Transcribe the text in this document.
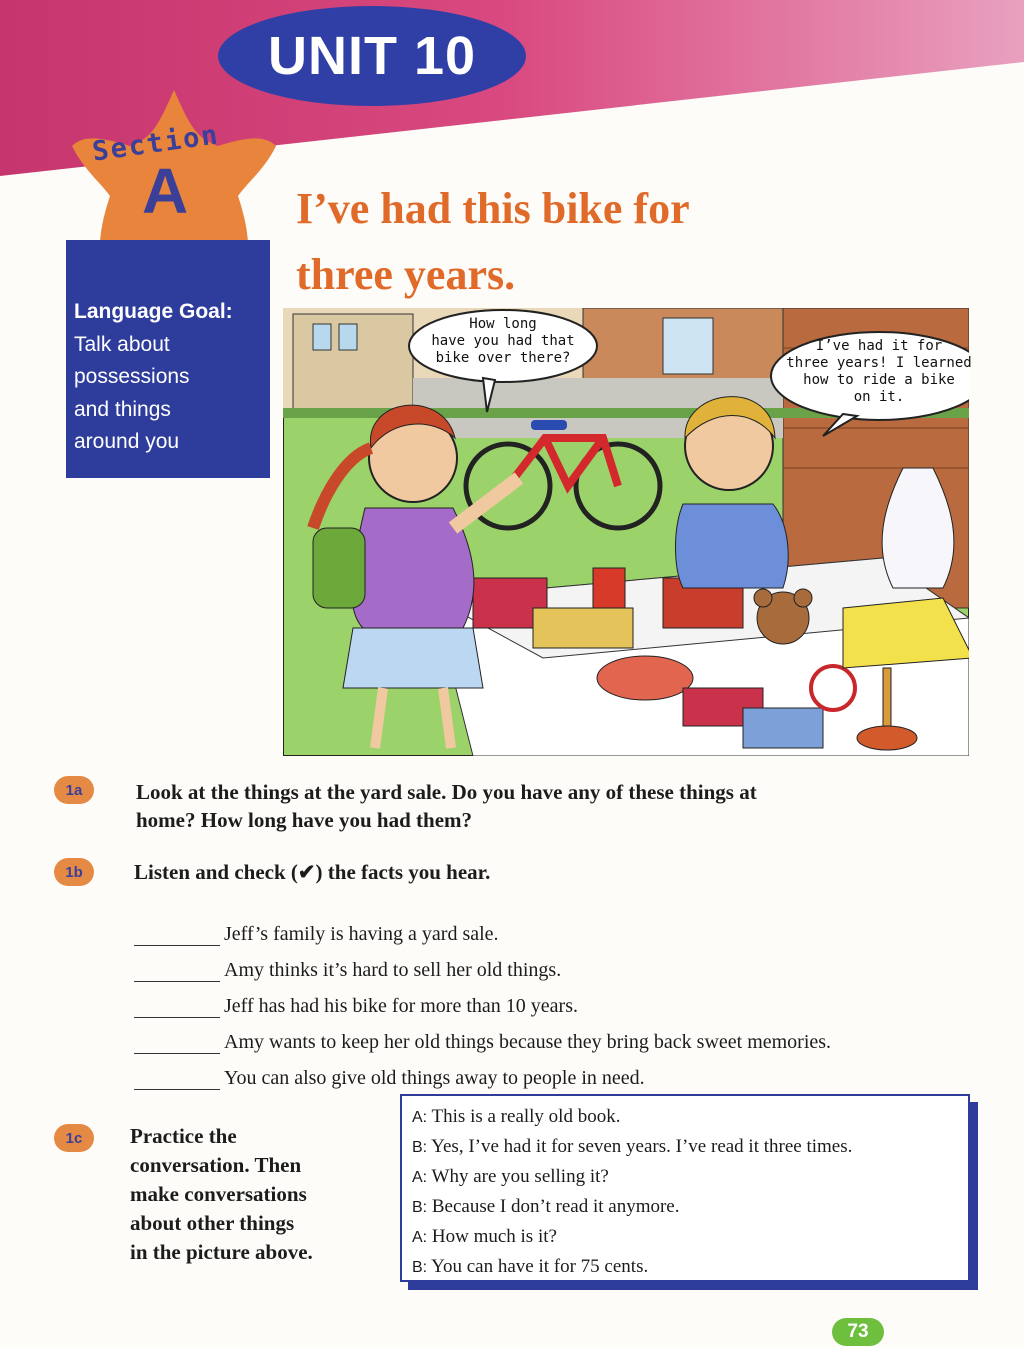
UNIT 10
Section
A
Language Goal:
Talk about
possessions
and things
around you
I’ve had this bike for
three years.
How long
have you had that
bike over there?
I’ve had it for
three years! I learned
how to ride a bike
on it.
1a	Look at the things at the yard sale. Do you have any of these things at
home? How long have you had them?
1b	Listen and check (✔) the facts you hear.
Jeff’s family is having a yard sale.
Amy thinks it’s hard to sell her old things.
Jeff has had his bike for more than 10 years.
Amy wants to keep her old things because they bring back sweet memories.
You can also give old things away to people in need.
1c	Practice the
conversation. Then
make conversations
about other things
in the picture above.
A: This is a really old book.
B: Yes, I’ve had it for seven years. I’ve read it three times.
A: Why are you selling it?
B: Because I don’t read it anymore.
A: How much is it?
B: You can have it for 75 cents.
73
